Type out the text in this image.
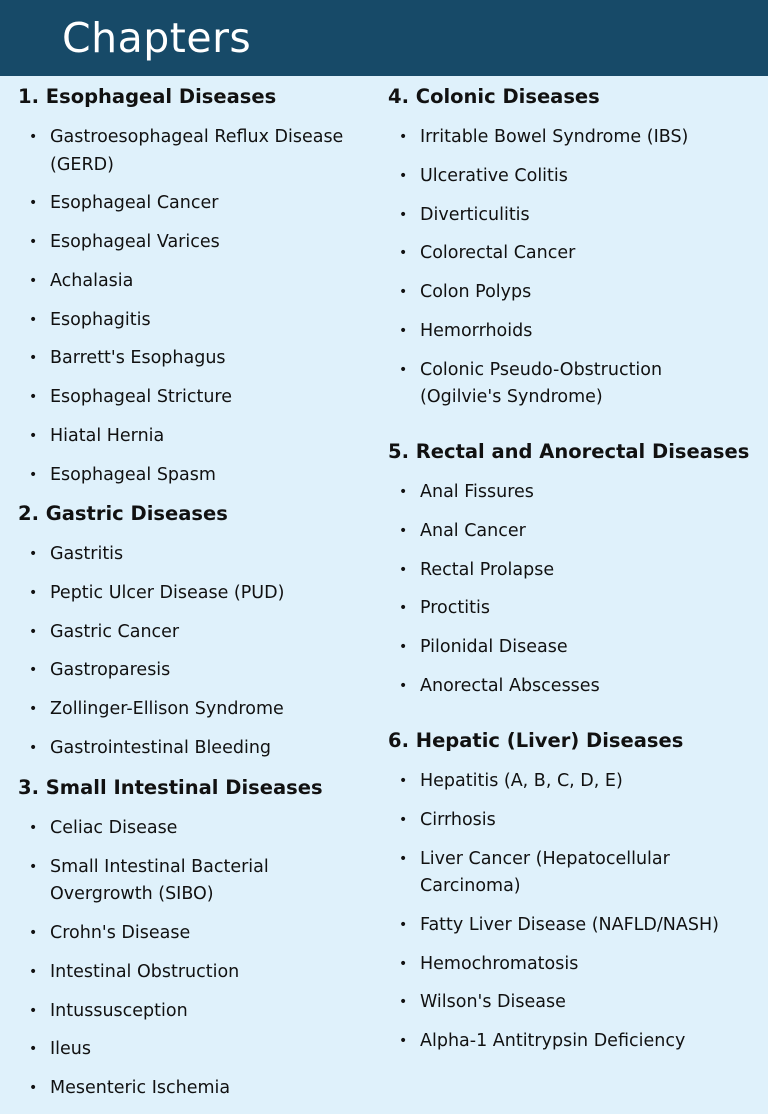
Chapters
1. Esophageal Diseases
• Gastroesophageal Reflux Disease (GERD)
• Esophageal Cancer
• Esophageal Varices
• Achalasia
• Esophagitis
• Barrett's Esophagus
• Esophageal Stricture
• Hiatal Hernia
• Esophageal Spasm
2. Gastric Diseases
• Gastritis
• Peptic Ulcer Disease (PUD)
• Gastric Cancer
• Gastroparesis
• Zollinger-Ellison Syndrome
• Gastrointestinal Bleeding
3. Small Intestinal Diseases
• Celiac Disease
• Small Intestinal Bacterial Overgrowth (SIBO)
• Crohn's Disease
• Intestinal Obstruction
• Intussusception
• Ileus
• Mesenteric Ischemia
4. Colonic Diseases
• Irritable Bowel Syndrome (IBS)
• Ulcerative Colitis
• Diverticulitis
• Colorectal Cancer
• Colon Polyps
• Hemorrhoids
• Colonic Pseudo-Obstruction (Ogilvie's Syndrome)
5. Rectal and Anorectal Diseases
• Anal Fissures
• Anal Cancer
• Rectal Prolapse
• Proctitis
• Pilonidal Disease
• Anorectal Abscesses
6. Hepatic (Liver) Diseases
• Hepatitis (A, B, C, D, E)
• Cirrhosis
• Liver Cancer (Hepatocellular Carcinoma)
• Fatty Liver Disease (NAFLD/NASH)
• Hemochromatosis
• Wilson's Disease
• Alpha-1 Antitrypsin Deficiency
